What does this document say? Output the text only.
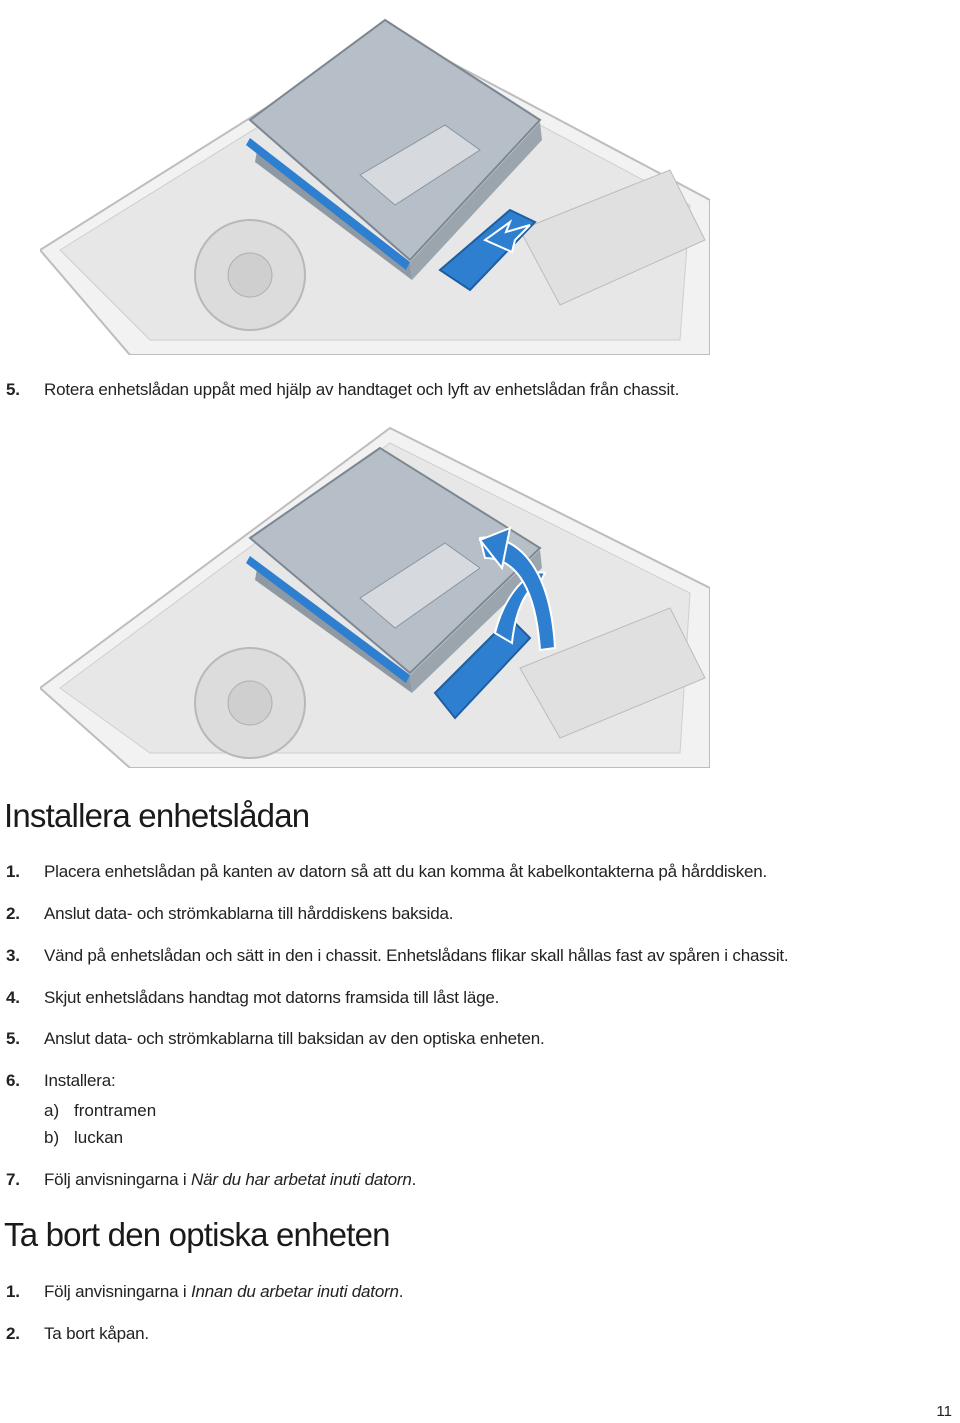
5. Rotera enhetslådan uppåt med hjälp av handtaget och lyft av enhetslådan från chassit.
Installera enhetslådan
1. Placera enhetslådan på kanten av datorn så att du kan komma åt kabelkontakterna på hårddisken.
2. Anslut data- och strömkablarna till hårddiskens baksida.
3. Vänd på enhetslådan och sätt in den i chassit. Enhetslådans flikar skall hållas fast av spåren i chassit.
4. Skjut enhetslådans handtag mot datorns framsida till låst läge.
5. Anslut data- och strömkablarna till baksidan av den optiska enheten.
6. Installera:
a) frontramen
b) luckan
7. Följ anvisningarna i När du har arbetat inuti datorn.
Ta bort den optiska enheten
1. Följ anvisningarna i Innan du arbetar inuti datorn.
2. Ta bort kåpan.
11
